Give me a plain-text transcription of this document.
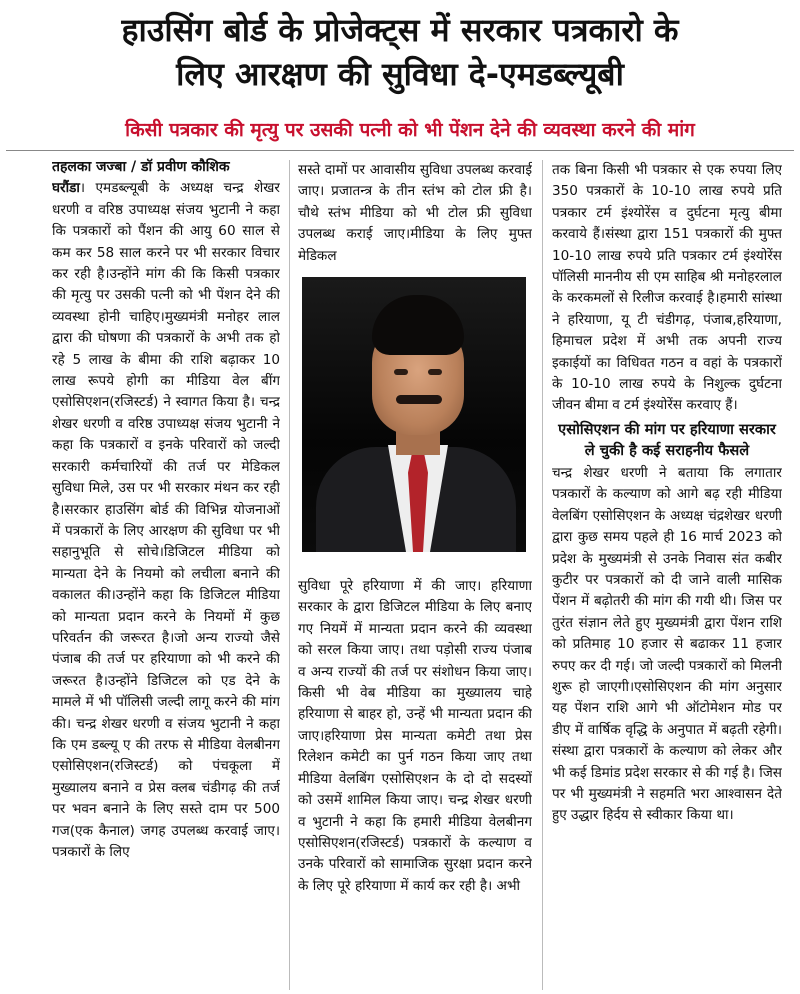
हाउसिंग बोर्ड के प्रोजेक्ट्स में सरकार पत्रकारो के
लिए आरक्षण की सुविधा दे-एमडब्ल्यूबी
किसी पत्रकार की मृत्यु पर उसकी पत्नी को भी पेंशन देने की व्यवस्था करने की मांग
तहलका जज्बा / डॉ प्रवीण कौशिक

घरौंडा। एमडब्ल्यूबी के अध्यक्ष चन्द्र शेखर धरणी व वरिष्ठ उपाध्यक्ष संजय भुटानी ने कहा कि पत्रकारों को पैंशन की आयु 60 साल से कम कर 58 साल करने पर भी सरकार विचार कर रही है।उन्होंने मांग की कि किसी पत्रकार की मृत्यु पर उसकी पत्नी को भी पेंशन देने की व्यवस्था होनी चाहिए।मुख्यमंत्री मनोहर लाल द्वारा की घोषणा की पत्रकारों के अभी तक हो रहे 5 लाख के बीमा की राशि बढ़ाकर 10 लाख रूपये होगी का मीडिया वेल बींग एसोसिएशन(रजिस्टर्ड) ने स्वागत किया है। चन्द्र शेखर धरणी व वरिष्ठ उपाध्यक्ष संजय भुटानी ने कहा कि पत्रकारों व इनके परिवारों को जल्दी सरकारी कर्मचारियों की तर्ज पर मेडिकल सुविधा मिले, उस पर भी सरकार मंथन कर रही है।सरकार हाउसिंग बोर्ड की विभिन्न योजनाओं में पत्रकारों के लिए आरक्षण की सुविधा पर भी सहानुभूति से सोचे।डिजिटल मीडिया को मान्यता देने के नियमो को लचीला बनाने की वकालत की।उन्होंने कहा कि डिजिटल मीडिया को मान्यता प्रदान करने के नियमों में कुछ परिवर्तन की जरूरत है।जो अन्य राज्यो जैसे पंजाब की तर्ज पर हरियाणा को भी करने की जरूरत है।उन्होंने डिजिटल को एड देने के मामले में भी पॉलिसी जल्दी लागू करने की मांग की। चन्द्र शेखर धरणी व संजय भुटानी ने कहा कि एम डब्ल्यू ए की तरफ से मीडिया वेलबीनग एसोसिएशन(रजिस्टर्ड) को पंचकूला में मुख्यालय बनाने व प्रेस क्लब चंडीगढ़ की तर्ज पर भवन बनाने के लिए सस्ते दाम पर 500 गज(एक कैनाल) जगह उपलब्ध करवाई जाए।पत्रकारों के लिए

सस्ते दामों पर आवासीय सुविधा उपलब्ध करवाई जाए। प्रजातन्त्र के तीन स्तंभ को टोल फ्री है। चौथे स्तंभ मीडिया को भी टोल फ्री सुविधा उपलब्ध कराई जाए।मीडिया के लिए मुफ्त मेडिकल

सुविधा पूरे हरियाणा में की जाए। हरियाणा सरकार के द्वारा डिजिटल मीडिया के लिए बनाए गए नियमें में मान्यता प्रदान करने की व्यवस्था को सरल किया जाए। तथा पड़ोसी राज्य पंजाब व अन्य राज्यों की तर्ज पर संशोधन किया जाए। किसी भी वेब मीडिया का मुख्यालय चाहे हरियाणा से बाहर हो, उन्हें भी मान्यता प्रदान की जाए।हरियाणा प्रेस मान्यता कमेटी तथा प्रेस रिलेशन कमेटी का पुर्न गठन किया जाए तथा मीडिया वेलबिंग एसोसिएशन के दो दो सदस्यों को उसमें शामिल किया जाए। चन्द्र शेखर धरणी व भुटानी ने कहा कि हमारी मीडिया वेलबीनग एसोसिएशन(रजिस्टर्ड) पत्रकारों के कल्याण व उनके परिवारों को सामाजिक सुरक्षा प्रदान करने के लिए पूरे हरियाणा में कार्य कर रही है। अभी

तक बिना किसी भी पत्रकार से एक रुपया लिए 350 पत्रकारों के 10-10 लाख रुपये प्रति पत्रकार टर्म इंश्योरेंस व दुर्घटना मृत्यु बीमा करवाये हैं।संस्था द्वारा 151 पत्रकारों की मुफ्त 10-10 लाख रुपये प्रति पत्रकार टर्म इंश्योरेंस पॉलिसी माननीय सी एम साहिब श्री मनोहरलाल के करकमलों से रिलीज करवाई है।हमारी सांस्था ने हरियाणा, यू टी चंडीगढ़, पंजाब,हरियाणा, हिमाचल प्रदेश में अभी तक अपनी राज्य इकाईयों का विधिवत गठन व वहां के पत्रकारों के 10-10 लाख रुपये के निशुल्क दुर्घटना जीवन बीमा व टर्म इंश्योरेंस करवाए हैं।

एसोसिएशन की मांग पर हरियाणा सरकार ले चुकी है कई सराहनीय फैसले

चन्द्र शेखर धरणी ने बताया कि लगातार पत्रकारों के कल्याण को आगे बढ़ रही मीडिया वेलबिंग एसोसिएशन के अध्यक्ष चंद्रशेखर धरणी द्वारा कुछ समय पहले ही 16 मार्च 2023 को प्रदेश के मुख्यमंत्री से उनके निवास संत कबीर कुटीर पर पत्रकारों को दी जाने वाली मासिक पेंशन में बढ़ोतरी की मांग की गयी थी। जिस पर तुरंत संज्ञान लेते हुए मुख्यमंत्री द्वारा पेंशन राशि को प्रतिमाह 10 हजार से बढाकर 11 हजार रुपए कर दी गई। जो जल्दी पत्रकारों को मिलनी शुरू हो जाएगी।एसोसिएशन की मांग अनुसार यह पेंशन राशि आगे भी ऑटोमेशन मोड पर डीए में वार्षिक वृद्धि के अनुपात में बढ़ती रहेगी। संस्था द्वारा पत्रकारों के कल्याण को लेकर और भी कई डिमांड प्रदेश सरकार से की गई है। जिस पर भी मुख्यमंत्री ने सहमति भरा आश्वासन देते हुए उद्धार हिर्दय से स्वीकार किया था।
